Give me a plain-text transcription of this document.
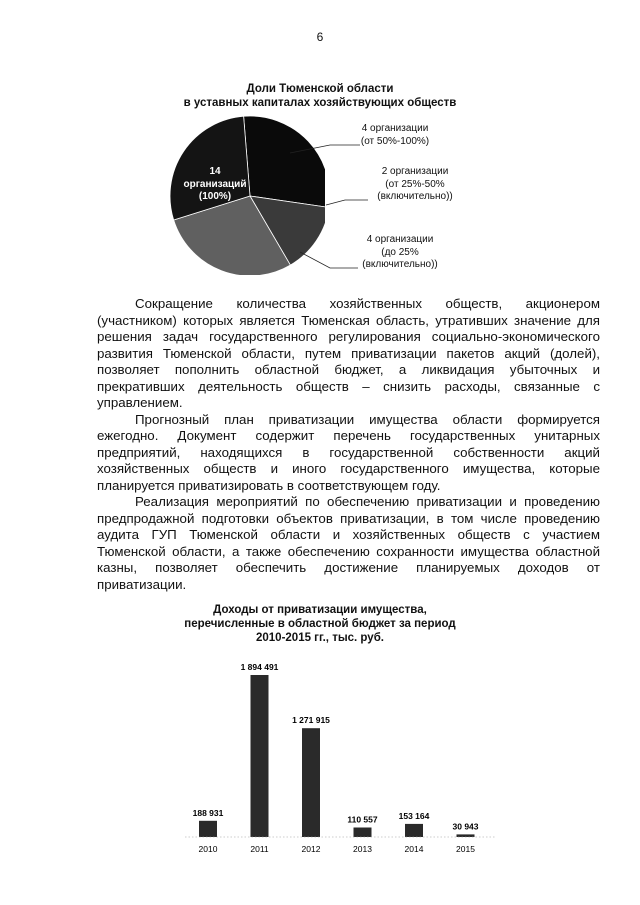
6
Доли Тюменской области
в уставных капиталах хозяйствующих обществ
14
организаций
(100%)
4 организации
(от 50%-100%)
2 организации
(от 25%-50%
(включительно))
4 организации
(до 25%
(включительно))

Сокращение количества хозяйственных обществ, акционером (участником) которых является Тюменская область, утративших значение для решения задач государственного регулирования социально-экономического развития Тюменской области, путем приватизации пакетов акций (долей), позволяет пополнить областной бюджет, а ликвидация убыточных и прекративших деятельность обществ – снизить расходы, связанные с управлением.

Прогнозный план приватизации имущества области формируется ежегодно. Документ содержит перечень государственных унитарных предприятий, находящихся в государственной собственности акций хозяйственных обществ и иного государственного имущества, которые планируется приватизировать в соответствующем году.

Реализация мероприятий по обеспечению приватизации и проведению предпродажной подготовки объектов приватизации, в том числе проведению аудита ГУП Тюменской области и хозяйственных обществ с участием Тюменской области, а также обеспечению сохранности имущества областной казны, позволяет обеспечить достижение планируемых доходов от приватизации.

Доходы от приватизации имущества,
перечисленные в областной бюджет за период
2010-2015 гг., тыс. руб.
188 931
2010
1 894 491
2011
1 271 915
2012
110 557
2013
153 164
2014
30 943
2015
